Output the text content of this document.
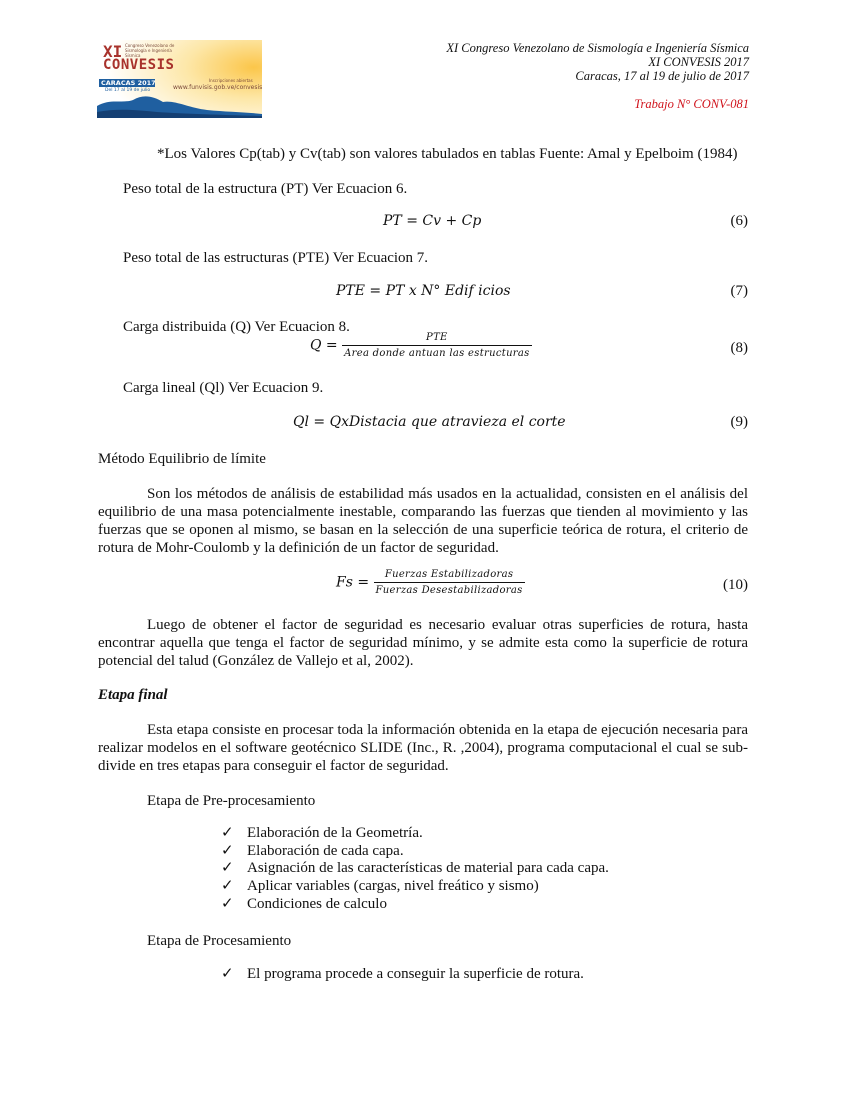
XI
CONVESIS
Congreso Venezolano de Sismología e Ingeniería Sísmica
CARACAS 2017
Del 17 al 19 de julio
Inscripciones abiertas
www.funvisis.gob.ve/convesis
XI Congreso Venezolano de Sismología e Ingeniería Sísmica
XI CONVESIS 2017
Caracas, 17 al 19 de julio de 2017
Trabajo N° CONV-081
*Los Valores Cp(tab) y Cv(tab) son valores tabulados en tablas Fuente: Amal y Epelboim (1984)
Peso total de la estructura (PT) Ver Ecuacion 6.
PT = Cv + Cp	(6)
Peso total de las estructuras (PTE) Ver Ecuacion 7.
PTE = PT x N° Edif icios	(7)
Carga distribuida (Q) Ver Ecuacion 8.
$Q = \frac{\text{PTE}}{\text{Area donde antuan las estructuras}}$	(8)
Carga lineal (Ql) Ver Ecuacion 9.
Ql = QxDistacia que atravieza el corte	(9)
Método Equilibrio de límite
Son los métodos de análisis de estabilidad más usados en la actualidad, consisten en el análisis del equilibrio de una masa potencialmente inestable, comparando las fuerzas que tienden al movimiento y las fuerzas que se oponen al mismo, se basan en la selección de una superficie teórica de rotura, el criterio de rotura de Mohr-Coulomb y la definición de un factor de seguridad.
$Fs = \frac{\text{Fuerzas Estabilizadoras}}{\text{Fuerzas Desestabilizadoras}}$	(10)
Luego de obtener el factor de seguridad es necesario evaluar otras superficies de rotura, hasta encontrar aquella que tenga el factor de seguridad mínimo, y se admite esta como la superficie de rotura potencial del talud (González de Vallejo et al, 2002).
Etapa final
Esta etapa consiste en procesar toda la información obtenida en la etapa de ejecución necesaria para realizar modelos en el software geotécnico SLIDE (Inc., R. ,2004), programa computacional el cual se sub-divide en tres etapas para conseguir el factor de seguridad.
Etapa de Pre-procesamiento
✓ Elaboración de la Geometría.
✓ Elaboración de cada capa.
✓ Asignación de las características de material para cada capa.
✓ Aplicar variables (cargas, nivel freático y sismo)
✓ Condiciones de calculo
Etapa de Procesamiento
✓ El programa procede a conseguir la superficie de rotura.
